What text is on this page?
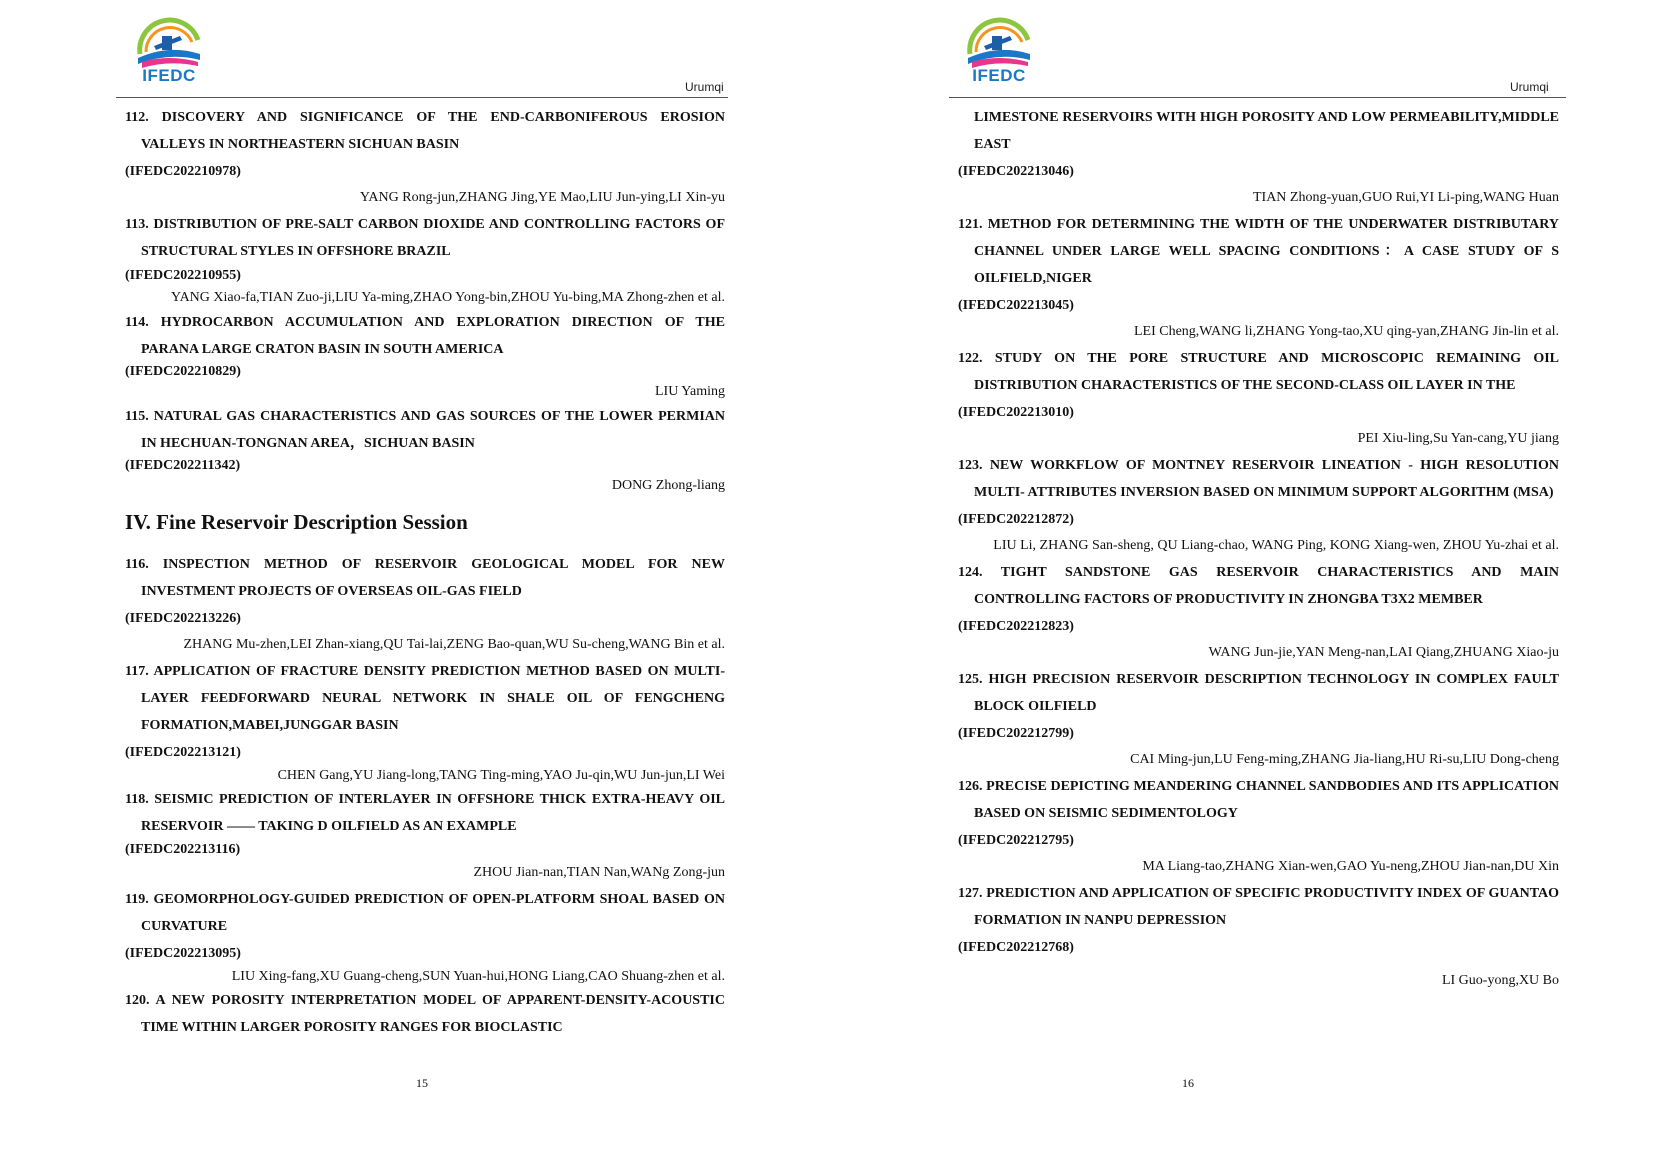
IFEDC
Urumqi

112. DISCOVERY AND SIGNIFICANCE OF THE END-CARBONIFEROUS EROSION VALLEYS IN NORTHEASTERN SICHUAN BASIN

(IFEDC202210978)

YANG Rong-jun,ZHANG Jing,YE Mao,LIU Jun-ying,LI Xin-yu

113. DISTRIBUTION OF PRE-SALT CARBON DIOXIDE AND CONTROLLING FACTORS OF STRUCTURAL STYLES IN OFFSHORE BRAZIL

(IFEDC202210955)

YANG Xiao-fa,TIAN Zuo-ji,LIU Ya-ming,ZHAO Yong-bin,ZHOU Yu-bing,MA Zhong-zhen et al.

114. HYDROCARBON ACCUMULATION AND EXPLORATION DIRECTION OF THE PARANA LARGE CRATON BASIN IN SOUTH AMERICA

(IFEDC202210829)

LIU Yaming

115. NATURAL GAS CHARACTERISTICS AND GAS SOURCES OF THE LOWER PERMIAN IN HECHUAN-TONGNAN AREA，SICHUAN BASIN

(IFEDC202211342)

DONG Zhong-liang

IV. Fine Reservoir Description Session

116. INSPECTION METHOD OF RESERVOIR GEOLOGICAL MODEL FOR NEW INVESTMENT PROJECTS OF OVERSEAS OIL-GAS FIELD

(IFEDC202213226)

ZHANG Mu-zhen,LEI Zhan-xiang,QU Tai-lai,ZENG Bao-quan,WU Su-cheng,WANG Bin et al.

117. APPLICATION OF FRACTURE DENSITY PREDICTION METHOD BASED ON MULTI-LAYER FEEDFORWARD NEURAL NETWORK IN SHALE OIL OF FENGCHENG FORMATION,MABEI,JUNGGAR BASIN

(IFEDC202213121)

CHEN Gang,YU Jiang-long,TANG Ting-ming,YAO Ju-qin,WU Jun-jun,LI Wei

118. SEISMIC PREDICTION OF INTERLAYER IN OFFSHORE THICK EXTRA-HEAVY OIL RESERVOIR —— TAKING D OILFIELD AS AN EXAMPLE

(IFEDC202213116)

ZHOU Jian-nan,TIAN Nan,WANg Zong-jun

119. GEOMORPHOLOGY-GUIDED PREDICTION OF OPEN-PLATFORM SHOAL BASED ON CURVATURE

(IFEDC202213095)

LIU Xing-fang,XU Guang-cheng,SUN Yuan-hui,HONG Liang,CAO Shuang-zhen et al.

120. A NEW POROSITY INTERPRETATION MODEL OF APPARENT-DENSITY-ACOUSTIC TIME WITHIN LARGER POROSITY RANGES FOR BIOCLASTIC

15
IFEDC
Urumqi

LIMESTONE RESERVOIRS WITH HIGH POROSITY AND LOW PERMEABILITY,MIDDLE EAST

(IFEDC202213046)

TIAN Zhong-yuan,GUO Rui,YI Li-ping,WANG Huan

121. METHOD FOR DETERMINING THE WIDTH OF THE UNDERWATER DISTRIBUTARY CHANNEL UNDER LARGE WELL SPACING CONDITIONS：A CASE STUDY OF S OILFIELD,NIGER

(IFEDC202213045)

LEI Cheng,WANG li,ZHANG Yong-tao,XU qing-yan,ZHANG Jin-lin et al.

122. STUDY ON THE PORE STRUCTURE AND MICROSCOPIC REMAINING OIL DISTRIBUTION CHARACTERISTICS OF THE SECOND-CLASS OIL LAYER IN THE

(IFEDC202213010)

PEI Xiu-ling,Su Yan-cang,YU jiang

123. NEW WORKFLOW OF MONTNEY RESERVOIR LINEATION - HIGH RESOLUTION MULTI- ATTRIBUTES INVERSION BASED ON MINIMUM SUPPORT ALGORITHM (MSA)

(IFEDC202212872)

LIU Li, ZHANG San-sheng, QU Liang-chao, WANG Ping, KONG Xiang-wen, ZHOU Yu-zhai et al.

124. TIGHT SANDSTONE GAS RESERVOIR CHARACTERISTICS AND MAIN CONTROLLING FACTORS OF PRODUCTIVITY IN ZHONGBA T3X2 MEMBER

(IFEDC202212823)

WANG Jun-jie,YAN Meng-nan,LAI Qiang,ZHUANG Xiao-ju

125. HIGH PRECISION RESERVOIR DESCRIPTION TECHNOLOGY IN COMPLEX FAULT BLOCK OILFIELD

(IFEDC202212799)

CAI Ming-jun,LU Feng-ming,ZHANG Jia-liang,HU Ri-su,LIU Dong-cheng

126. PRECISE DEPICTING MEANDERING CHANNEL SANDBODIES AND ITS APPLICATION BASED ON SEISMIC SEDIMENTOLOGY

(IFEDC202212795)

MA Liang-tao,ZHANG Xian-wen,GAO Yu-neng,ZHOU Jian-nan,DU Xin

127. PREDICTION AND APPLICATION OF SPECIFIC PRODUCTIVITY INDEX OF GUANTAO FORMATION IN NANPU DEPRESSION

(IFEDC202212768)

LI Guo-yong,XU Bo

16
